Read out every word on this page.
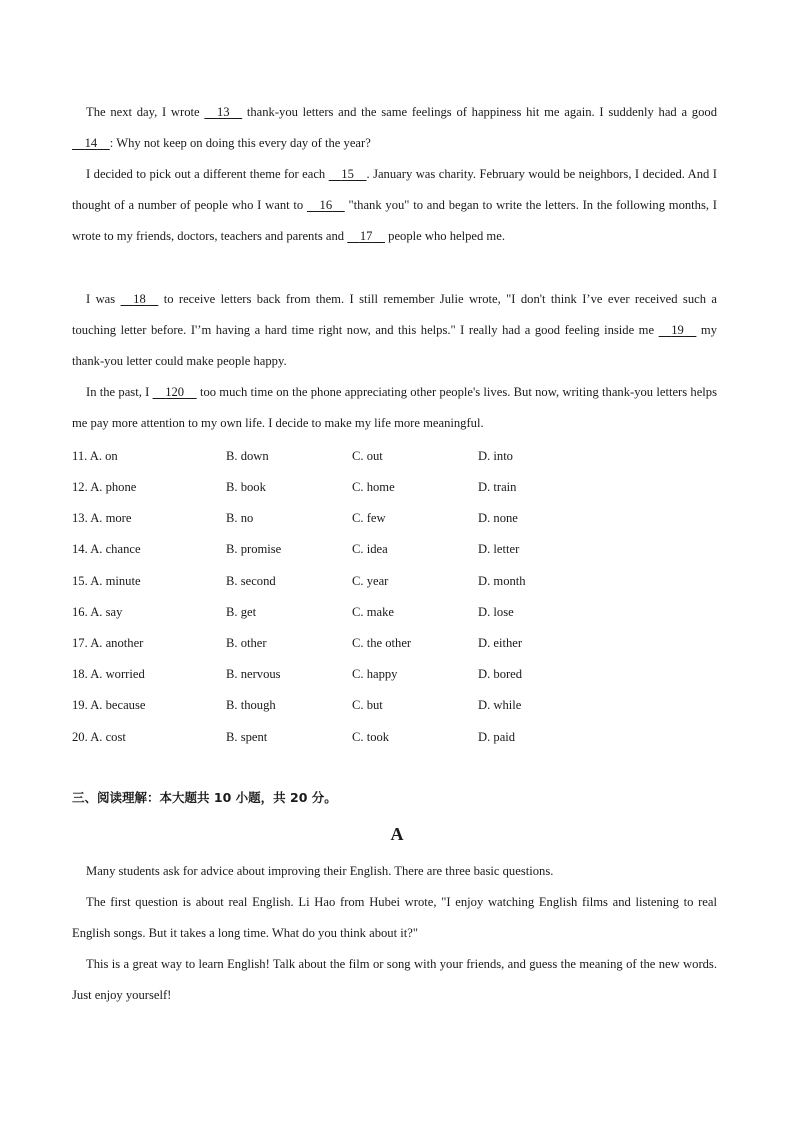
The next day, I wrote     13     thank-you letters and the same feelings of happiness hit me again. I suddenly had a good     14 : Why not keep on doing this every day of the year?

I decided to pick out a different theme for each     15 . January was charity. February would be neighbors, I decided. And I thought of a number of people who I want to     16     "thank you" to and began to write the letters. In the following months, I wrote to my friends, doctors, teachers and parents and     17     people who helped me.

I was     18     to receive letters back from them. I still remember Julie wrote, "I don't think I’ve ever received such a touching letter before. I'’m having a hard time right now, and this helps." I really had a good feeling inside me     19     my thank-you letter could make people happy.

In the past, I     120     too much time on the phone appreciating other people's lives. But now, writing thank-you letters helps me pay more attention to my own life. I decide to make my life more meaningful.

11. A. on	B. down	C. out	D. into
12. A. phone	B. book	C. home	D. train
13. A. more	B. no	C. few	D. none
14. A. chance	B. promise	C. idea	D. letter
15. A. minute	B. second	C. year	D. month
16. A. say	B. get	C. make	D. lose
17. A. another	B. other	C. the other	D. either
18. A. worried	B. nervous	C. happy	D. bored
19. A. because	B. though	C. but	D. while
20. A. cost	B. spent	C. took	D. paid
三、阅读理解：本大题共 10 小题，共 20 分。
A

Many students ask for advice about improving their English. There are three basic questions.

The first question is about real English. Li Hao from Hubei wrote, "I enjoy watching English films and listening to real English songs. But it takes a long time. What do you think about it?"

This is a great way to learn English! Talk about the film or song with your friends, and guess the meaning of the new words. Just enjoy yourself!
